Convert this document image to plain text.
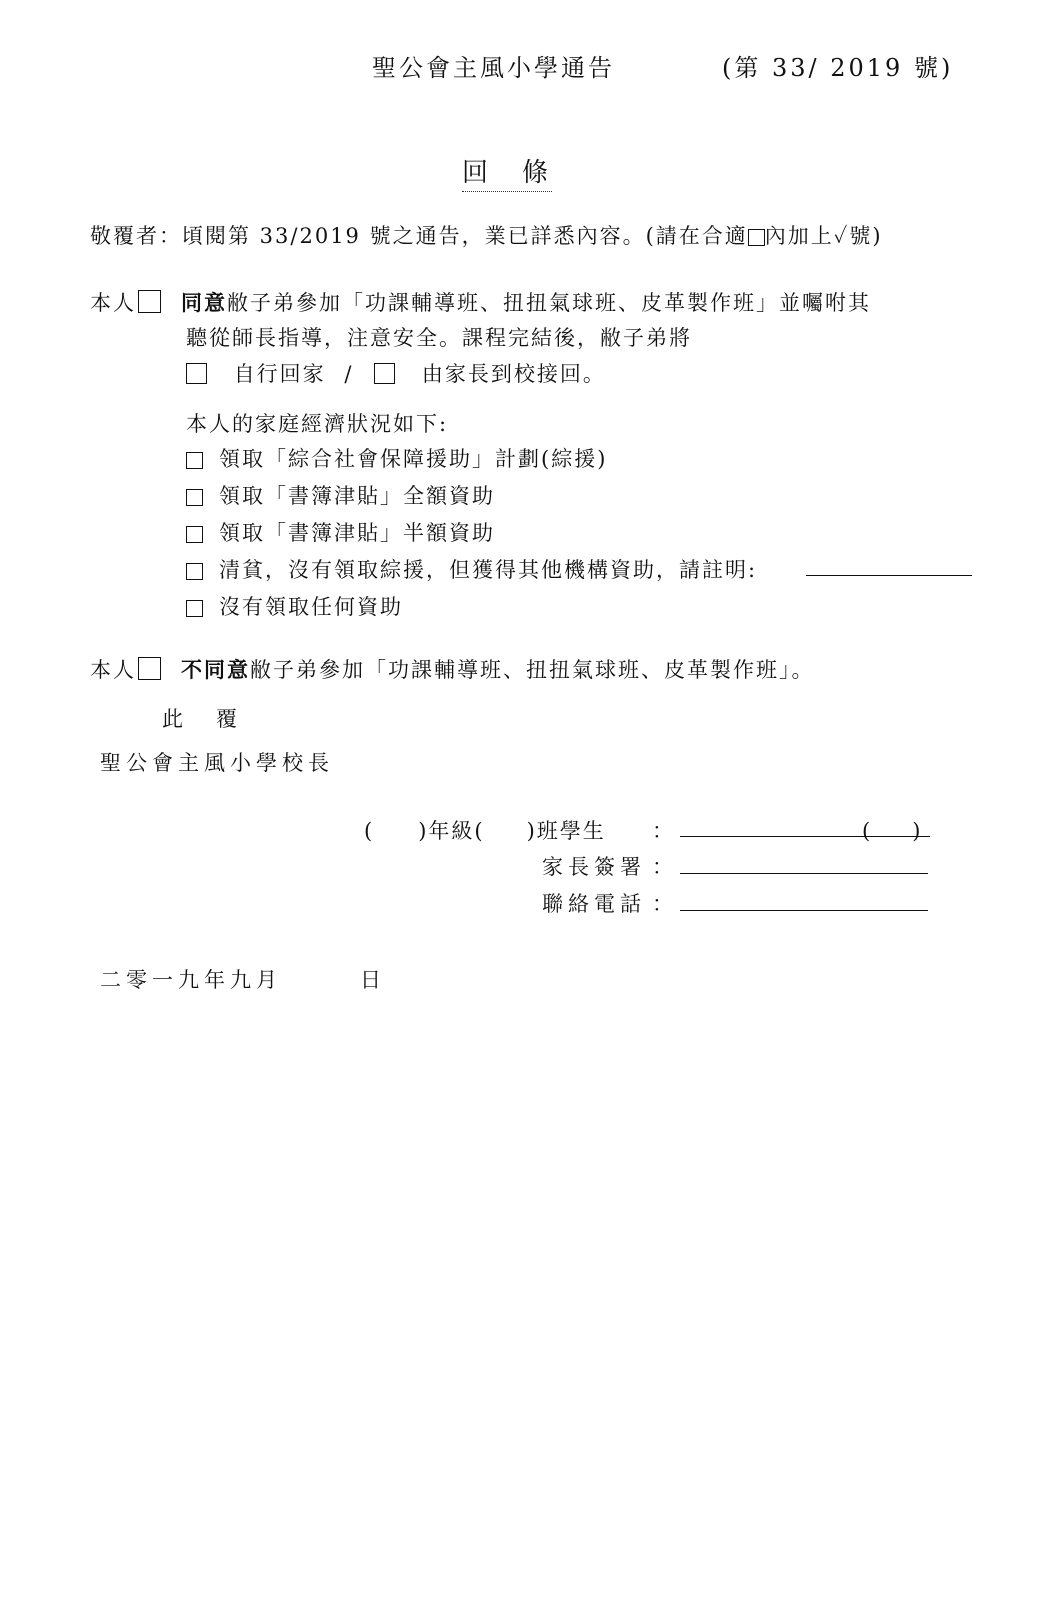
聖公會主風小學通告	(第 33/ 2019 號)
回　條
敬覆者：頃閱第 33/2019 號之通告，業已詳悉內容。(請在合適 內加上✓號)
本人 同意敝子弟參加「功課輔導班、扭扭氣球班、皮革製作班」並囑咐其
聽從師長指導，注意安全。課程完結後，敝子弟將
自行回家 /	由家長到校接回。
本人的家庭經濟狀況如下:
領取「綜合社會保障援助」計劃(綜援)
領取「書簿津貼」全額資助
領取「書簿津貼」半額資助
清貧，沒有領取綜援，但獲得其他機構資助，請註明:
沒有領取任何資助
本人 不同意敝子弟參加「功課輔導班、扭扭氣球班、皮革製作班」。
此　覆
聖公會主風小學校長
( )年級( )班學生 ：	(　　)
家長簽署 ：
聯絡電話 ：
二零一九年九月	日
